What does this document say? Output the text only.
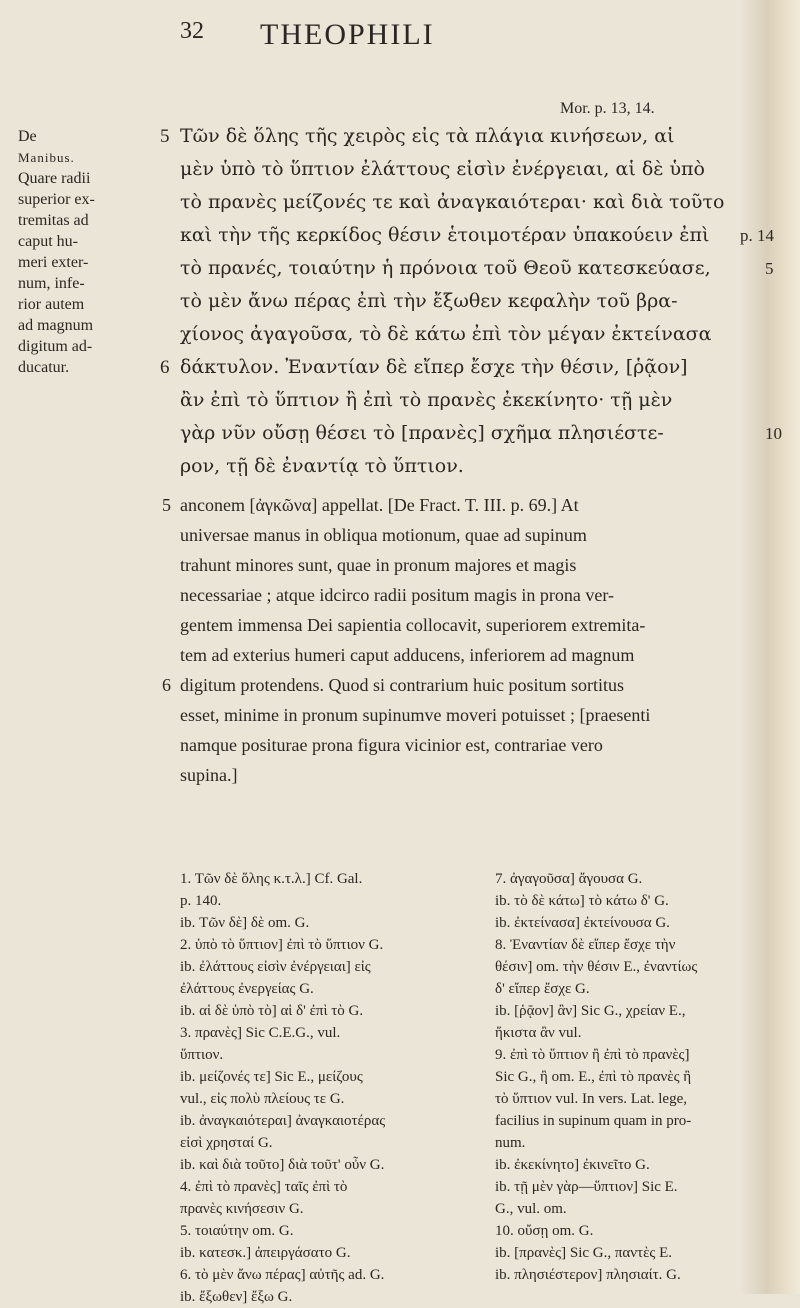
32 THEOPHILI
Mor. p. 13, 14.
De
Manibus.
Quare radii
superior ex-
tremitas ad
caput hu-
meri exter-
num, infe-
rior autem
ad magnum
digitum ad-
ducatur.
5 Τῶν δὲ ὅλης τῆς χειρὸς εἰς τὰ πλάγια κινήσεων, αἱ
μὲν ὑπὸ τὸ ὕπτιον ἐλάττους εἰσὶν ἐνέργειαι, αἱ δὲ ὑπὸ
τὸ πρανὲς μείζονές τε καὶ ἀναγκαιότεραι· καὶ διὰ τοῦτο
καὶ τὴν τῆς κερκίδος θέσιν ἑτοιμοτέραν ὑπακούειν ἐπὶ p. 14
τὸ πρανές, τοιαύτην ἡ πρόνοια τοῦ Θεοῦ κατεσκεύασε,	5
τὸ μὲν ἄνω πέρας ἐπὶ τὴν ἔξωθεν κεφαλὴν τοῦ βρα-
χίονος ἀγαγοῦσα, τὸ δὲ κάτω ἐπὶ τὸν μέγαν ἐκτείνασα
6 δάκτυλον. Ἐναντίαν δὲ εἴπερ ἔσχε τὴν θέσιν, [ῥᾷον]
ἂν ἐπὶ τὸ ὕπτιον ἢ ἐπὶ τὸ πρανὲς ἐκεκίνητο· τῇ μὲν
γὰρ νῦν οὔσῃ θέσει τὸ [πρανὲς] σχῆμα πλησιέστε-	10
ρον, τῇ δὲ ἐναντίᾳ τὸ ὕπτιον.
5 anconem [ἀγκῶνα] appellat. [De Fract. T. III. p. 69.] At
universae manus in obliqua motionum, quae ad supinum
trahunt minores sunt, quae in pronum majores et magis
necessariae ; atque idcirco radii positum magis in prona ver-
gentem immensa Dei sapientia collocavit, superiorem extremita-
tem ad exterius humeri caput adducens, inferiorem ad magnum
6 digitum protendens. Quod si contrarium huic positum sortitus
esset, minime in pronum supinumve moveri potuisset ; [praesenti
namque posituraе prona figura vicinior est, contrariae vero
supina.]
1. Τῶν δὲ ὅλης κ.τ.λ.] Cf. Gal.
p. 140.
ib. Τῶν δὲ] δὲ om. G.
2. ὑπὸ τὸ ὕπτιον] ἐπὶ τὸ ὕπτιον G.
ib. ἐλάττους εἰσὶν ἐνέργειαι] εἰς
ἐλάττους ἐνεργείας G.
ib. αἱ δὲ ὑπὸ τὸ] αἱ δ' ἐπὶ τὸ G.
3. πρανὲς] Sic C.E.G., vul.
ὕπτιον.
ib. μείζονές τε] Sic E., μείζους
vul., εἰς πολὺ πλείους τε G.
ib. ἀναγκαιότεραι] ἀναγκαιοτέρας
εἰσὶ χρησταί G.
ib. καὶ διὰ τοῦτο] διὰ τοῦτ' οὖν G.
4. ἐπὶ τὸ πρανὲς] ταῖς ἐπὶ τὸ
πρανὲς κινήσεσιν G.
5. τοιαύτην om. G.
ib. κατεσκ.] ἀπειργάσατο G.
6. τὸ μὲν ἄνω πέρας] αὐτῆς ad. G.
ib. ἔξωθεν] ἔξω G.
7. ἀγαγοῦσα] ἄγουσα G.
ib. τὸ δὲ κάτω] τὸ κάτω δ' G.
ib. ἐκτείνασα] ἐκτείνουσα G.
8. Ἐναντίαν δὲ εἴπερ ἔσχε τὴν
θέσιν] om. τὴν θέσιν E., ἐναντίως
δ' εἴπερ ἔσχε G.
ib. [ῥᾷον] ἂν] Sic G., χρείαν E.,
ἥκιστα ἂν vul.
9. ἐπὶ τὸ ὕπτιον ἢ ἐπὶ τὸ πρανὲς]
Sic G., ἢ om. E., ἐπὶ τὸ πρανὲς ἢ
τὸ ὕπτιον vul. In vers. Lat. lege,
facilius in supinum quam in pro-
num.
ib. ἐκεκίνητο] ἐκινεῖτο G.
ib. τῇ μὲν γὰρ—ὕπτιον] Sic E.
G., vul. om.
10. οὔσῃ om. G.
ib. [πρανὲς] Sic G., παντὲς E.
ib. πλησιέστερον] πλησιαίτ. G.
